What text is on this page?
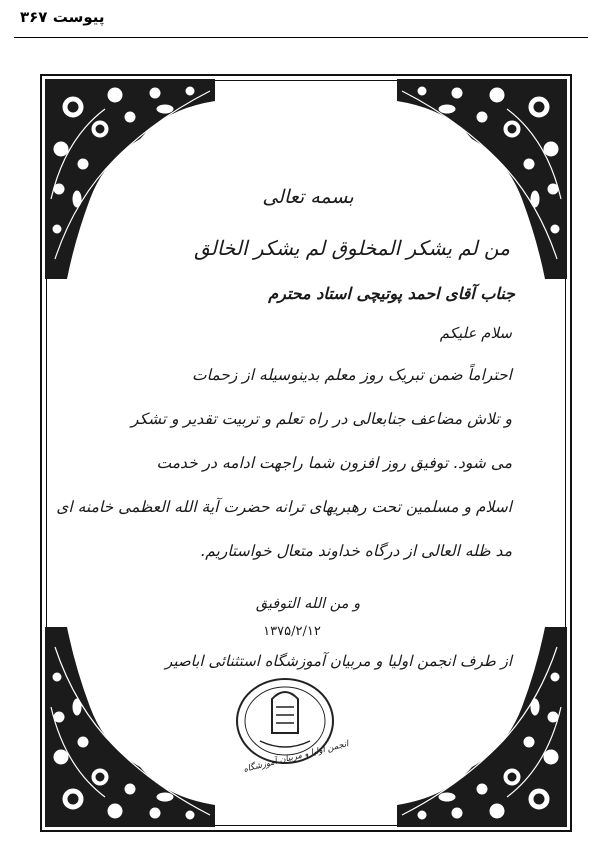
پیوست ۳۶۷
بسمه تعالی
من لم یشکر المخلوق لم یشکر الخالق
جناب آقای احمد پوتیچی استاد محترم
سلام علیکم
احتراماً ضمن تبریک روز معلم بدینوسیله از زحمات
و تلاش مضاعف جنابعالی در راه تعلم و تربیت تقدیر و تشکر
می شود. توفیق روز افزون شما راجهت ادامه در خدمت
اسلام و مسلمین تحت رهبریهای ترانه حضرت آیة الله العظمی خامنه ای
مد ظله العالی از درگاه خداوند متعال خواستاریم.
و من الله التوفیق
۱۳۷۵/۲/۱۲
از طرف انجمن اولیا و مربیان آموزشگاه استثنائی اباصیر
انجمن اولیا و مربیان آموزشگاه
